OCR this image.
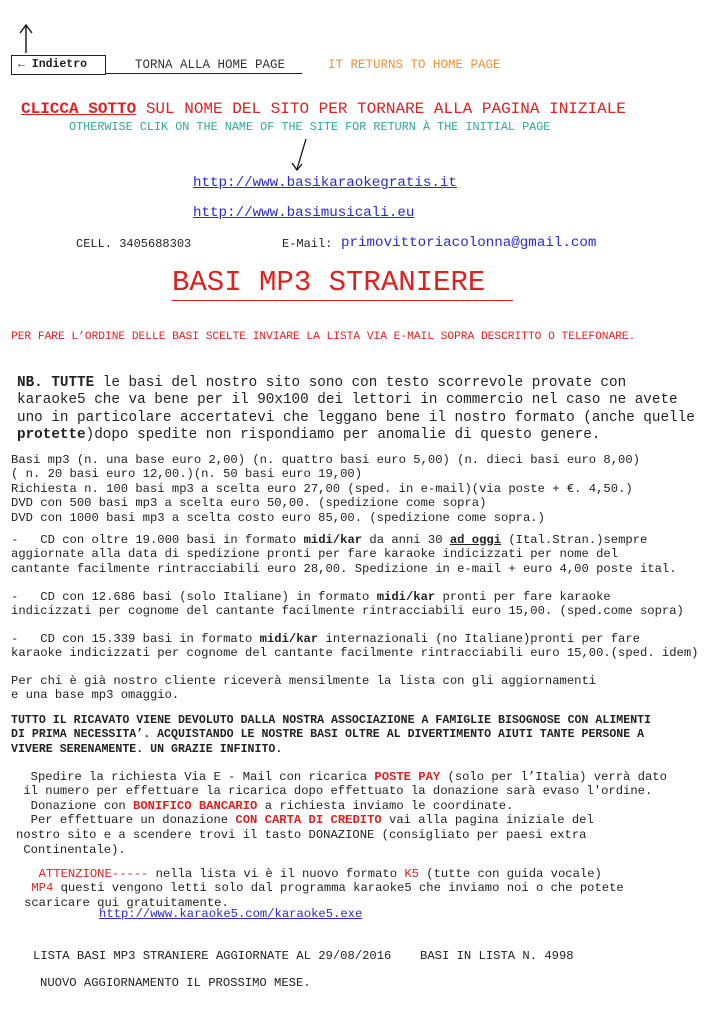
← Indietro	TORNA ALLA HOME PAGE	IT RETURNS TO HOME PAGE
CLICCA SOTTO SUL NOME DEL SITO PER TORNARE ALLA PAGINA INIZIALE
OTHERWISE CLIK ON THE NAME OF THE SITE FOR RETURN À THE INITIAL PAGE
http://www.basikaraokegratis.it
http://www.basimusicali.eu
CELL. 3405688303	E-Mail: primovittoriacolonna@gmail.com
BASI MP3 STRANIERE
PER FARE L’ORDINE DELLE BASI SCELTE INVIARE LA LISTA VIA E-MAIL SOPRA DESCRITTO O TELEFONARE.

NB. TUTTE le basi del nostro sito sono con testo scorrevole provate con
karaoke5 che va bene per il 90x100 dei lettori in commercio nel caso ne avete
uno in particolare accertatevi che leggano bene il nostro formato (anche quelle
protette)dopo spedite non rispondiamo per anomalie di questo genere.

Basi mp3 (n. una base euro 2,00) (n. quattro basi euro 5,00) (n. dieci basi euro 8,00)
( n. 20 basi euro 12,00.)(n. 50 basi euro 19,00)
Richiesta n. 100 basi mp3 a scelta euro 27,00 (sped. in e-mail)(via poste + €. 4,50.)
DVD con 500 basi mp3 a scelta euro 50,00. (spedizione come sopra)
DVD con 1000 basi mp3 a scelta costo euro 85,00. (spedizione come sopra.)

-   CD con oltre 19.000 basi in formato midi/kar da anni 30 ad oggi (Ital.Stran.)sempre
aggiornate alla data di spedizione pronti per fare karaoke indicizzati per nome del
cantante facilmente rintracciabili euro 28,00. Spedizione in e-mail + euro 4,00 poste ital.

-   CD con 12.686 basi (solo Italiane) in formato midi/kar pronti per fare karaoke
indicizzati per cognome del cantante facilmente rintracciabili euro 15,00. (sped.come sopra)

-   CD con 15.339 basi in formato midi/kar internazionali (no Italiane)pronti per fare
karaoke indicizzati per cognome del cantante facilmente rintracciabili euro 15,00.(sped. idem)

Per chi è già nostro cliente riceverà mensilmente la lista con gli aggiornamenti
e una base mp3 omaggio.

TUTTO IL RICAVATO VIENE DEVOLUTO DALLA NOSTRA ASSOCIAZIONE A FAMIGLIE BISOGNOSE CON ALIMENTI
DI PRIMA NECESSITA’. ACQUISTANDO LE NOSTRE BASI OLTRE AL DIVERTIMENTO AIUTI TANTE PERSONE A
VIVERE SERENAMENTE. UN GRAZIE INFINITO.

Spedire la richiesta Via E - Mail con ricarica POSTE PAY (solo per l’Italia) verrà dato
il numero per effettuare la ricarica dopo effettuato la donazione sarà evaso l'ordine.
Donazione con BONIFICO BANCARIO a richiesta inviamo le coordinate.
Per effettuare un donazione CON CARTA DI CREDITO vai alla pagina iniziale del
nostro sito e a scendere trovi il tasto DONAZIONE (consigliato per paesi extra
Continentale).

ATTENZIONE----- nella lista vi è il nuovo formato K5 (tutte con guida vocale)
MP4 questi vengono letti solo dal programma karaoke5 che inviamo noi o che potete
scaricare qui gratuitamente.

http://www.karaoke5.com/karaoke5.exe
LISTA BASI MP3 STRANIERE AGGIORNATE AL 29/08/2016 BASI IN LISTA N. 4998
NUOVO AGGIORNAMENTO IL PROSSIMO MESE.
